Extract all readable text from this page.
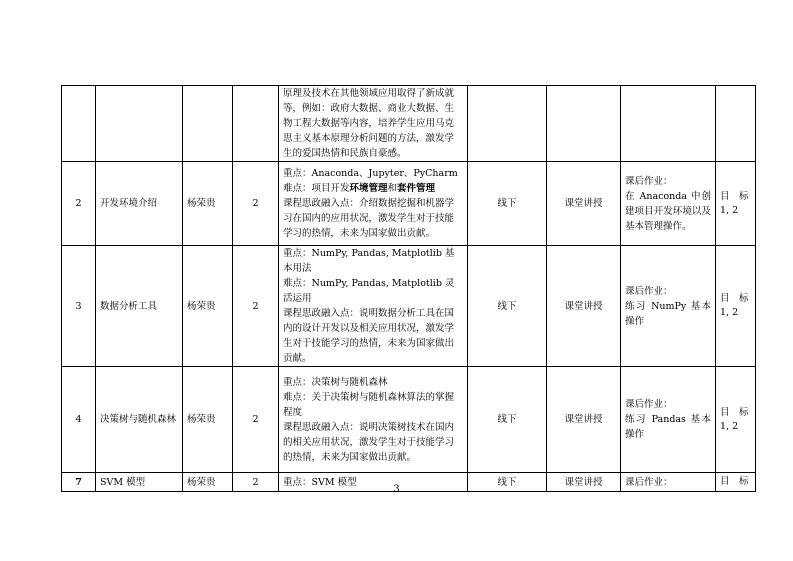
				原理及技术在其他领域应用取得了新成就
等，例如：政府大数据、商业大数据、生
物工程大数据等内容，培养学生应用马克
思主义基本原理分析问题的方法，激发学
生的爱国热情和民族自豪感。				

2	开发环境介绍	杨荣贵	2	重点：Anaconda、Jupyter、PyCharm
难点：项目开发环境管理和套件管理
课程思政融入点：介绍数据挖掘和机器学习在国内的应用状况，激发学生对于技能学习的热情，未来为国家做出贡献。	线下	课堂讲授	课后作业：
在 Anaconda 中创建项目开发环境以及基本管理操作。	目　标
1, 2

3	数据分析工具	杨荣贵	2	重点：NumPy, Pandas, Matplotlib 基本用法
难点：NumPy, Pandas, Matplotlib 灵活运用
课程思政融入点：说明数据分析工具在国内的设计开发以及相关应用状况，激发学生对于技能学习的热情，未来为国家做出贡献。	线下	课堂讲授	课后作业：
练习 NumPy 基本操作	目　标
1, 2

4	决策树与随机森林	杨荣贵	2	重点：决策树与随机森林
难点：关于决策树与随机森林算法的掌握程度
课程思政融入点：说明决策树技术在国内的相关应用状况，激发学生对于技能学习的热情，未来为国家做出贡献。	线下	课堂讲授	课后作业：
练习 Pandas 基本操作	目　标
1, 2

7	SVM 模型	杨荣贵	2	重点：SVM 模型	线下	课堂讲授	课后作业：	目　标
3
